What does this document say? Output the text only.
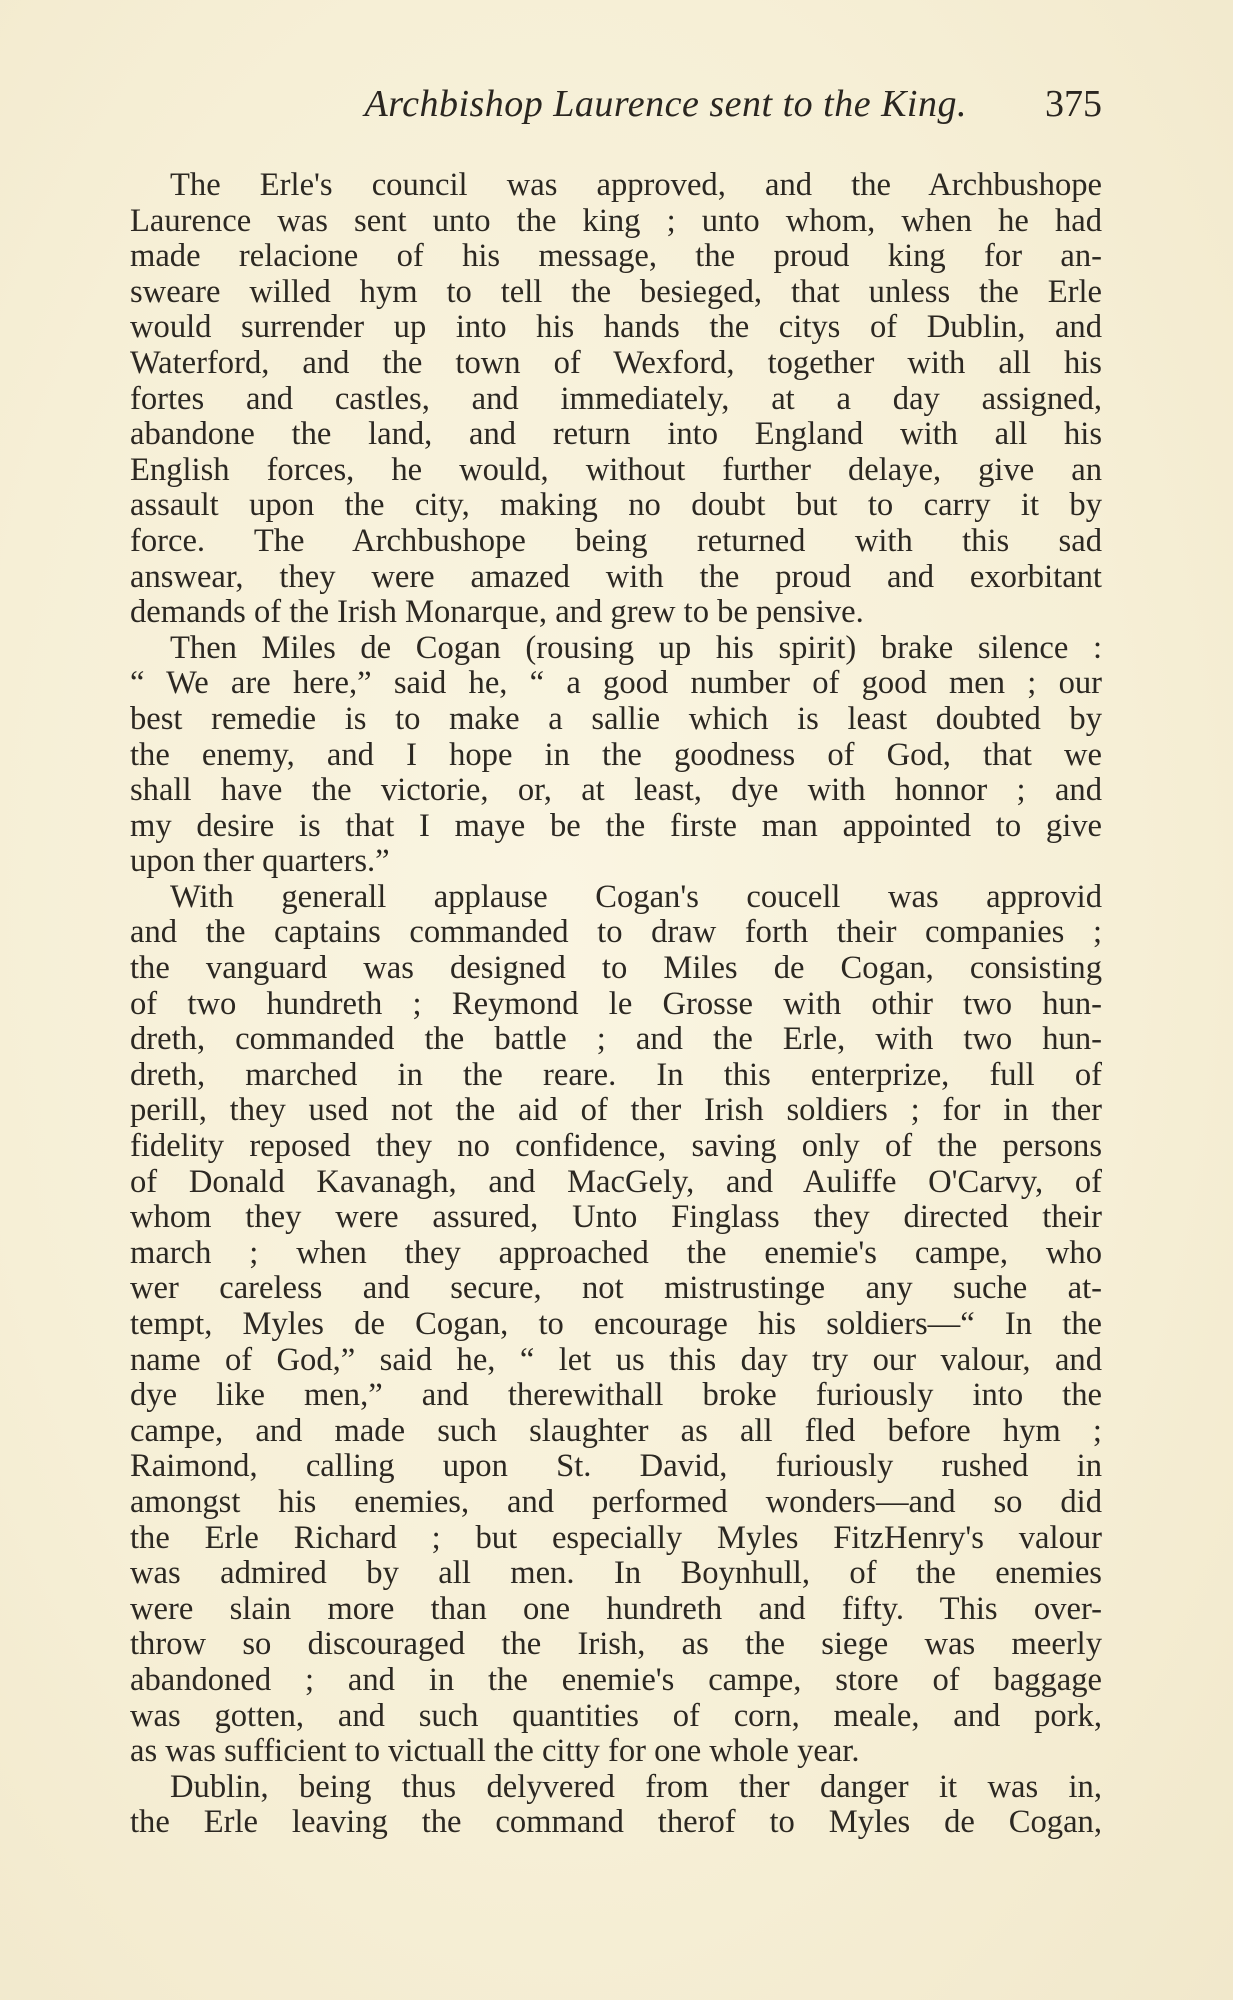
Archbishop Laurence sent to the King. 375
The Erle's council was approved, and the Archbushope
Laurence was sent unto the king ; unto whom, when he had
made relacione of his message, the proud king for an-
sweare willed hym to tell the besieged, that unless the Erle
would surrender up into his hands the citys of Dublin, and
Waterford, and the town of Wexford, together with all his
fortes and castles, and immediately, at a day assigned,
abandone the land, and return into England with all his
English forces, he would, without further delaye, give an
assault upon the city, making no doubt but to carry it by
force. The Archbushope being returned with this sad
answear, they were amazed with the proud and exorbitant
demands of the Irish Monarque, and grew to be pensive.
Then Miles de Cogan (rousing up his spirit) brake silence :
“ We are here,” said he, “ a good number of good men ; our
best remedie is to make a sallie which is least doubted by
the enemy, and I hope in the goodness of God, that we
shall have the victorie, or, at least, dye with honnor ; and
my desire is that I maye be the firste man appointed to give
upon ther quarters.”
With generall applause Cogan's coucell was approvid
and the captains commanded to draw forth their companies ;
the vanguard was designed to Miles de Cogan, consisting
of two hundreth ; Reymond le Grosse with othir two hun-
dreth, commanded the battle ; and the Erle, with two hun-
dreth, marched in the reare. In this enterprize, full of
perill, they used not the aid of ther Irish soldiers ; for in ther
fidelity reposed they no confidence, saving only of the persons
of Donald Kavanagh, and MacGely, and Auliffe O'Carvy, of
whom they were assured, Unto Finglass they directed their
march ; when they approached the enemie's campe, who
wer careless and secure, not mistrustinge any suche at-
tempt, Myles de Cogan, to encourage his soldiers—“ In the
name of God,” said he, “ let us this day try our valour, and
dye like men,” and therewithall broke furiously into the
campe, and made such slaughter as all fled before hym ;
Raimond, calling upon St. David, furiously rushed in
amongst his enemies, and performed wonders—and so did
the Erle Richard ; but especially Myles FitzHenry's valour
was admired by all men. In Boynhull, of the enemies
were slain more than one hundreth and fifty. This over-
throw so discouraged the Irish, as the siege was meerly
abandoned ; and in the enemie's campe, store of baggage
was gotten, and such quantities of corn, meale, and pork,
as was sufficient to victuall the citty for one whole year.
Dublin, being thus delyvered from ther danger it was in,
the Erle leaving the command therof to Myles de Cogan,
